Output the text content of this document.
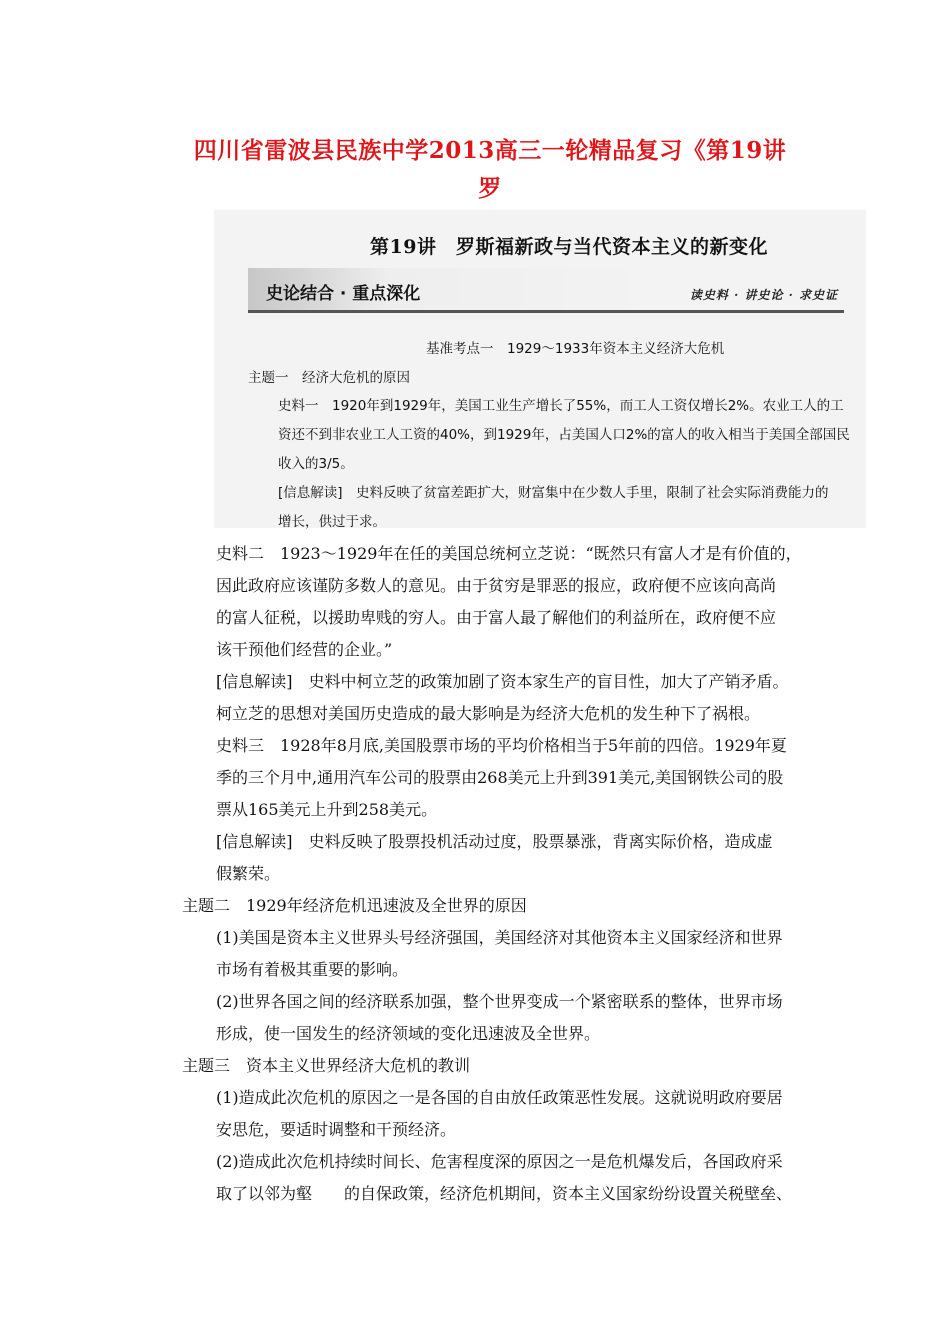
四川省雷波县民族中学2013高三一轮精品复习《第19讲 罗
第19讲　罗斯福新政与当代资本主义的新变化
史论结合 · 重点深化	读史料 · 讲史论 · 求史证
基准考点一　1929～1933年资本主义经济大危机
主题一　经济大危机的原因
史料一　1920年到1929年，美国工业生产增长了55%，而工人工资仅增长2%。农业工人的工
资还不到非农业工人工资的40%，到1929年，占美国人口2%的富人的收入相当于美国全部国民
收入的3/5。
[信息解读]　史料反映了贫富差距扩大，财富集中在少数人手里，限制了社会实际消费能力的
增长，供过于求。
史料二　1923～1929年在任的美国总统柯立芝说：“既然只有富人才是有价值的，
因此政府应该谨防多数人的意见。由于贫穷是罪恶的报应，政府便不应该向高尚
的富人征税，以援助卑贱的穷人。由于富人最了解他们的利益所在，政府便不应
该干预他们经营的企业。”
[信息解读]　史料中柯立芝的政策加剧了资本家生产的盲目性，加大了产销矛盾。
柯立芝的思想对美国历史造成的最大影响是为经济大危机的发生种下了祸根。
史料三　1928年8月底,美国股票市场的平均价格相当于5年前的四倍。1929年夏
季的三个月中,通用汽车公司的股票由268美元上升到391美元,美国钢铁公司的股
票从165美元上升到258美元。
[信息解读]　史料反映了股票投机活动过度，股票暴涨，背离实际价格，造成虚
假繁荣。
主题二　1929年经济危机迅速波及全世界的原因
(1)美国是资本主义世界头号经济强国，美国经济对其他资本主义国家经济和世界
市场有着极其重要的影响。
(2)世界各国之间的经济联系加强，整个世界变成一个紧密联系的整体，世界市场
形成，使一国发生的经济领域的变化迅速波及全世界。
主题三　资本主义世界经济大危机的教训
(1)造成此次危机的原因之一是各国的自由放任政策恶性发展。这就说明政府要居
安思危，要适时调整和干预经济。
(2)造成此次危机持续时间长、危害程度深的原因之一是危机爆发后，各国政府采
取了以邻为壑　　的自保政策，经济危机期间，资本主义国家纷纷设置关税壁垒、
